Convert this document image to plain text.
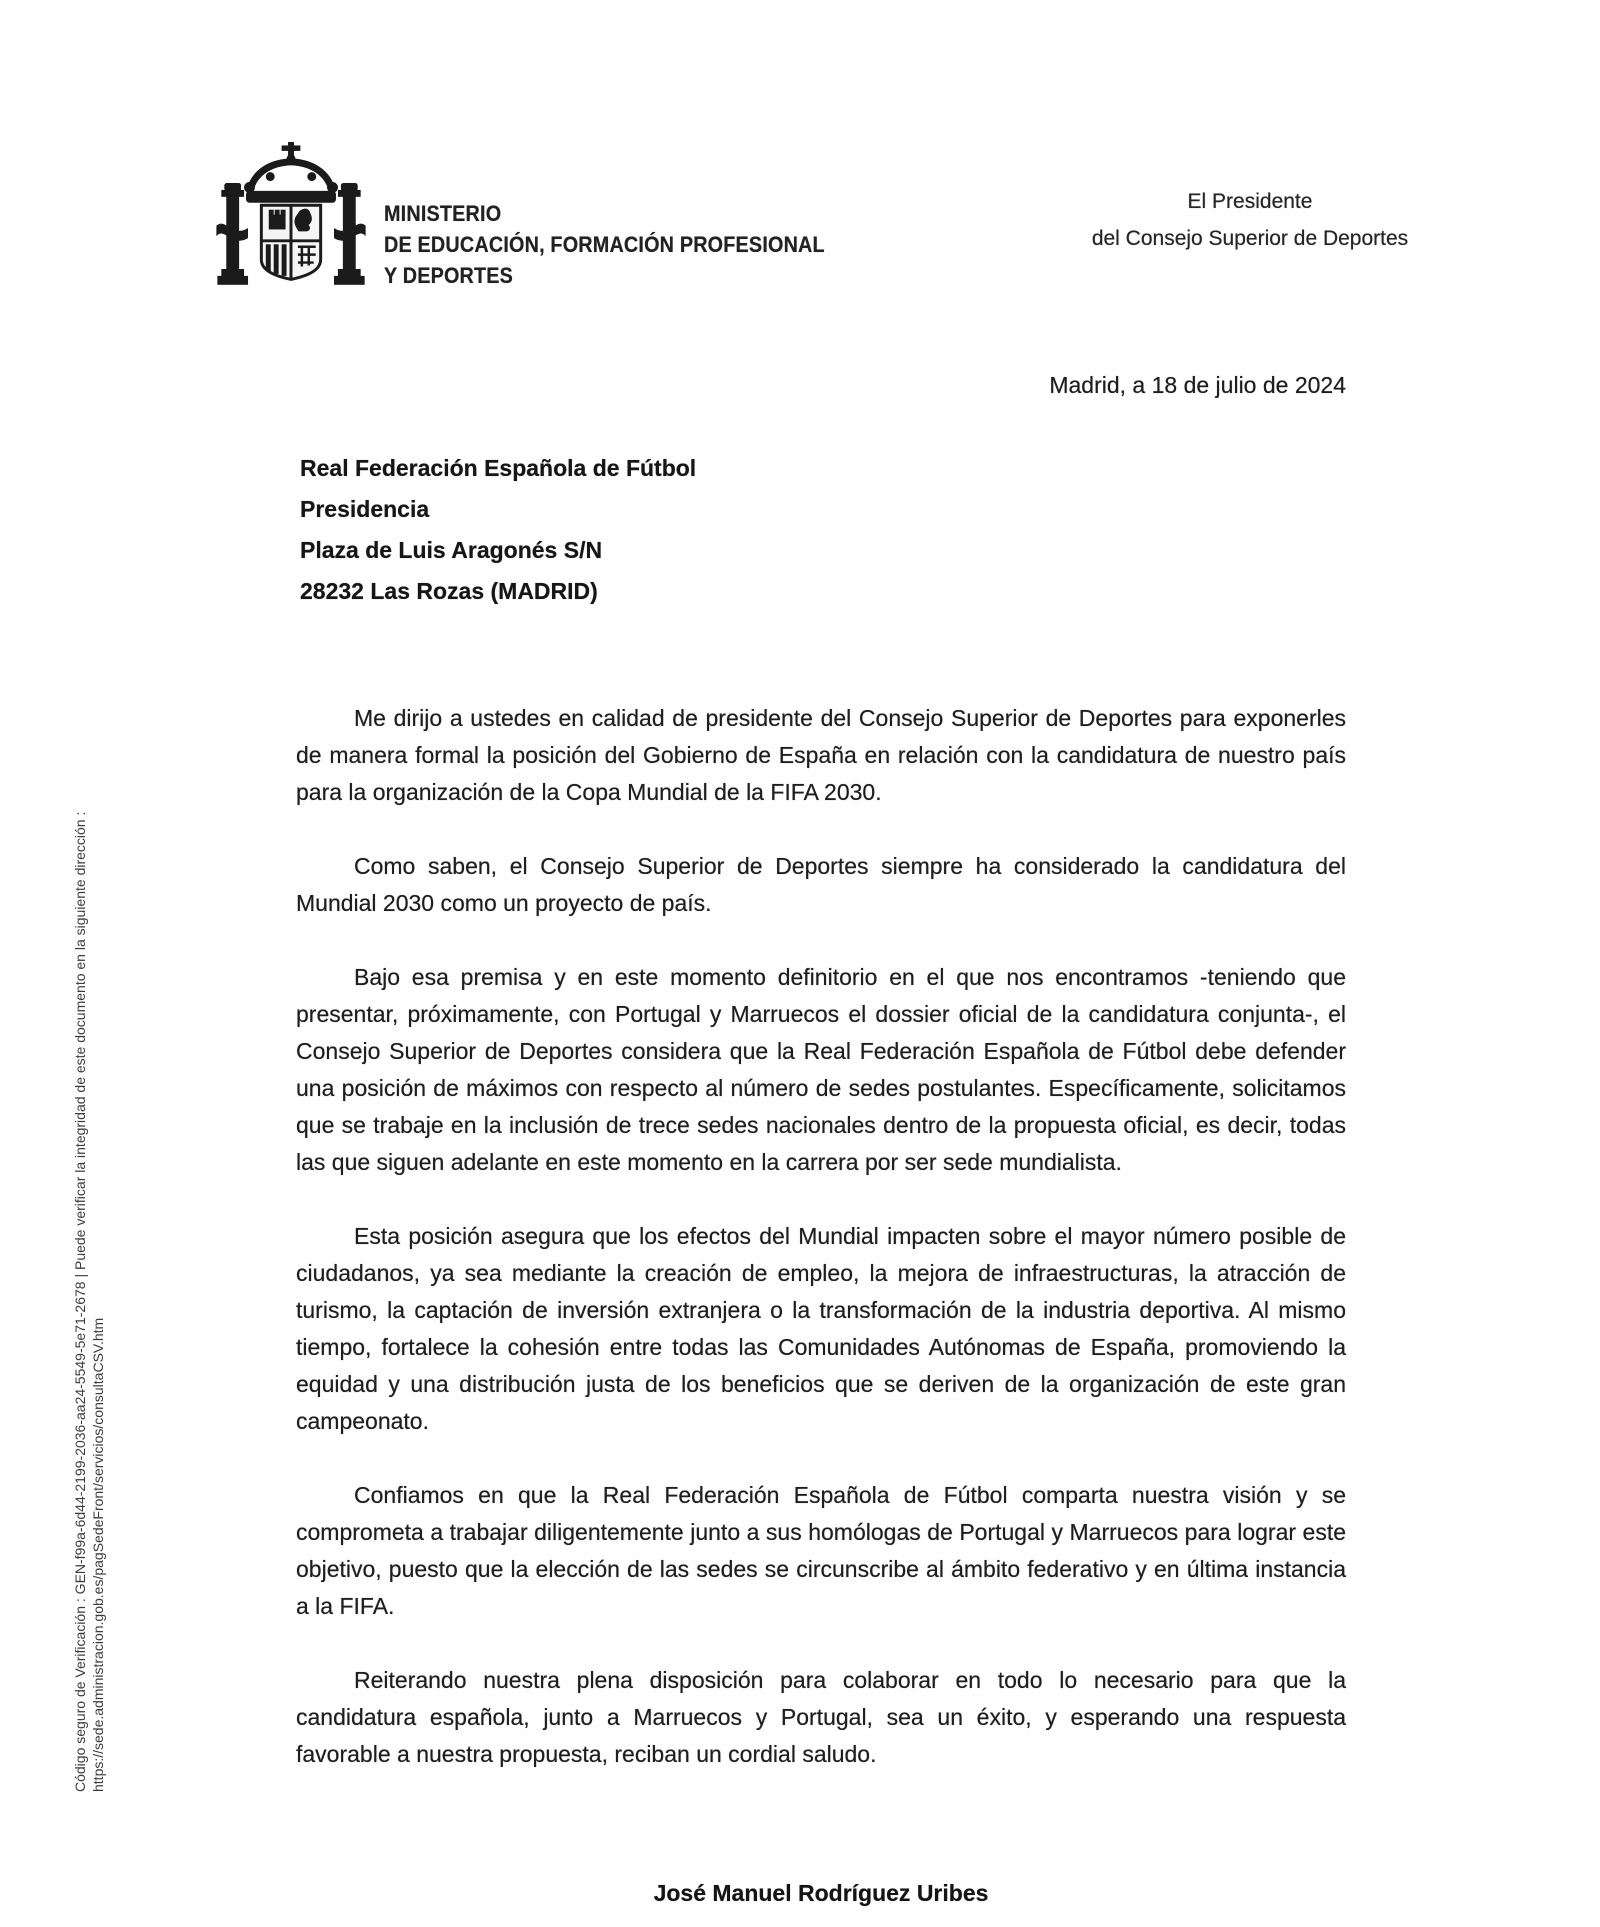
MINISTERIO
DE EDUCACIÓN, FORMACIÓN PROFESIONAL
Y DEPORTES
El Presidente
del Consejo Superior de Deportes
Madrid, a 18 de julio de 2024
Real Federación Española de Fútbol
Presidencia
Plaza de Luis Aragonés S/N
28232 Las Rozas (MADRID)

Me dirijo a ustedes en calidad de presidente del Consejo Superior de Deportes para exponerles de manera formal la posición del Gobierno de España en relación con la candidatura de nuestro país para la organización de la Copa Mundial de la FIFA 2030.

Como saben, el Consejo Superior de Deportes siempre ha considerado la candidatura del Mundial 2030 como un proyecto de país.

Bajo esa premisa y en este momento definitorio en el que nos encontramos -teniendo que presentar, próximamente, con Portugal y Marruecos el dossier oficial de la candidatura conjunta-, el Consejo Superior de Deportes considera que la Real Federación Española de Fútbol debe defender una posición de máximos con respecto al número de sedes postulantes. Específicamente, solicitamos que se trabaje en la inclusión de trece sedes nacionales dentro de la propuesta oficial, es decir, todas las que siguen adelante en este momento en la carrera por ser sede mundialista.

Esta posición asegura que los efectos del Mundial impacten sobre el mayor número posible de ciudadanos, ya sea mediante la creación de empleo, la mejora de infraestructuras, la atracción de turismo, la captación de inversión extranjera o la transformación de la industria deportiva. Al mismo tiempo, fortalece la cohesión entre todas las Comunidades Autónomas de España, promoviendo la equidad y una distribución justa de los beneficios que se deriven de la organización de este gran campeonato.

Confiamos en que la Real Federación Española de Fútbol comparta nuestra visión y se comprometa a trabajar diligentemente junto a sus homólogas de Portugal y Marruecos para lograr este objetivo, puesto que la elección de las sedes se circunscribe al ámbito federativo y en última instancia a la FIFA.

Reiterando nuestra plena disposición para colaborar en todo lo necesario para que la candidatura española, junto a Marruecos y Portugal, sea un éxito, y esperando una respuesta favorable a nuestra propuesta, reciban un cordial saludo.

José Manuel Rodríguez Uribes
Código seguro de Verificación : GEN-f99a-6d44-2199-2036-aa24-5549-5e71-2678 | Puede verificar la integridad de este documento en la siguiente dirección : https://sede.administracion.gob.es/pagSedeFront/servicios/consultaCSV.htm
